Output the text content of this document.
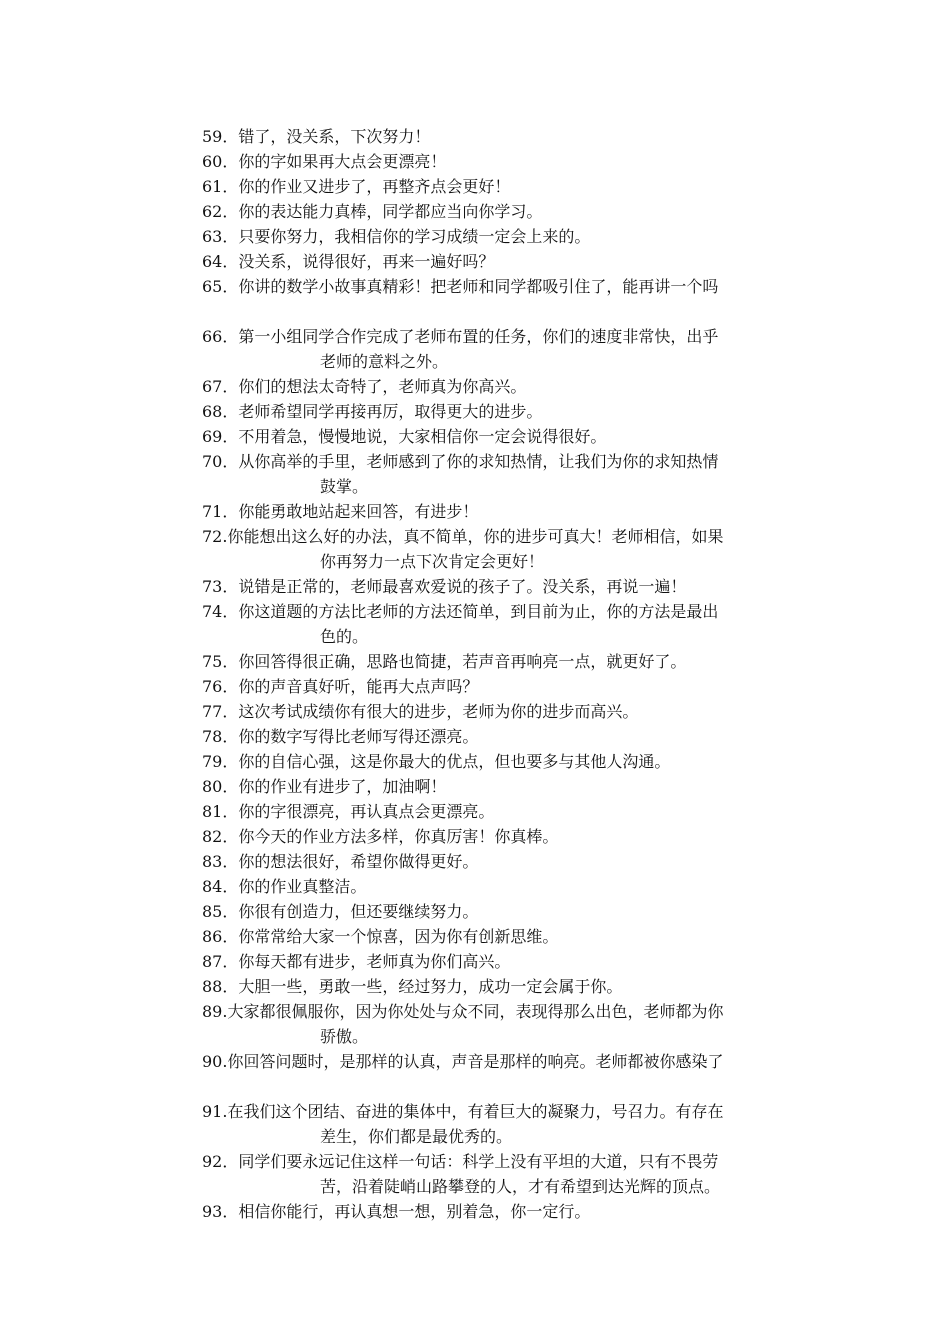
59．错了，没关系，下次努力！
60．你的字如果再大点会更漂亮！
61．你的作业又进步了，再整齐点会更好！
62．你的表达能力真棒，同学都应当向你学习。
63．只要你努力，我相信你的学习成绩一定会上来的。
64．没关系，说得很好，再来一遍好吗？
65．你讲的数学小故事真精彩！把老师和同学都吸引住了，能再讲一个吗
66．第一小组同学合作完成了老师布置的任务，你们的速度非常快，出乎
老师的意料之外。
67．你们的想法太奇特了，老师真为你高兴。
68．老师希望同学再接再厉，取得更大的进步。
69．不用着急，慢慢地说，大家相信你一定会说得很好。
70．从你高举的手里，老师感到了你的求知热情，让我们为你的求知热情
鼓掌。
71．你能勇敢地站起来回答，有进步！
72.你能想出这么好的办法，真不简单，你的进步可真大！老师相信，如果
你再努力一点下次肯定会更好！
73．说错是正常的，老师最喜欢爱说的孩子了。没关系，再说一遍！
74．你这道题的方法比老师的方法还简单，到目前为止，你的方法是最出
色的。
75．你回答得很正确，思路也简捷，若声音再响亮一点，就更好了。
76．你的声音真好听，能再大点声吗？
77．这次考试成绩你有很大的进步，老师为你的进步而高兴。
78．你的数字写得比老师写得还漂亮。
79．你的自信心强，这是你最大的优点，但也要多与其他人沟通。
80．你的作业有进步了，加油啊！
81．你的字很漂亮，再认真点会更漂亮。
82．你今天的作业方法多样，你真厉害！你真棒。
83．你的想法很好，希望你做得更好。
84．你的作业真整洁。
85．你很有创造力，但还要继续努力。
86．你常常给大家一个惊喜，因为你有创新思维。
87．你每天都有进步，老师真为你们高兴。
88．大胆一些，勇敢一些，经过努力，成功一定会属于你。
89.大家都很佩服你，因为你处处与众不同，表现得那么出色，老师都为你
骄傲。
90.你回答问题时，是那样的认真，声音是那样的响亮。老师都被你感染了
91.在我们这个团结、奋进的集体中，有着巨大的凝聚力，号召力。有存在
差生，你们都是最优秀的。
92．同学们要永远记住这样一句话：科学上没有平坦的大道，只有不畏劳
苦，沿着陡峭山路攀登的人，才有希望到达光辉的顶点。
93．相信你能行，再认真想一想，别着急，你一定行。
